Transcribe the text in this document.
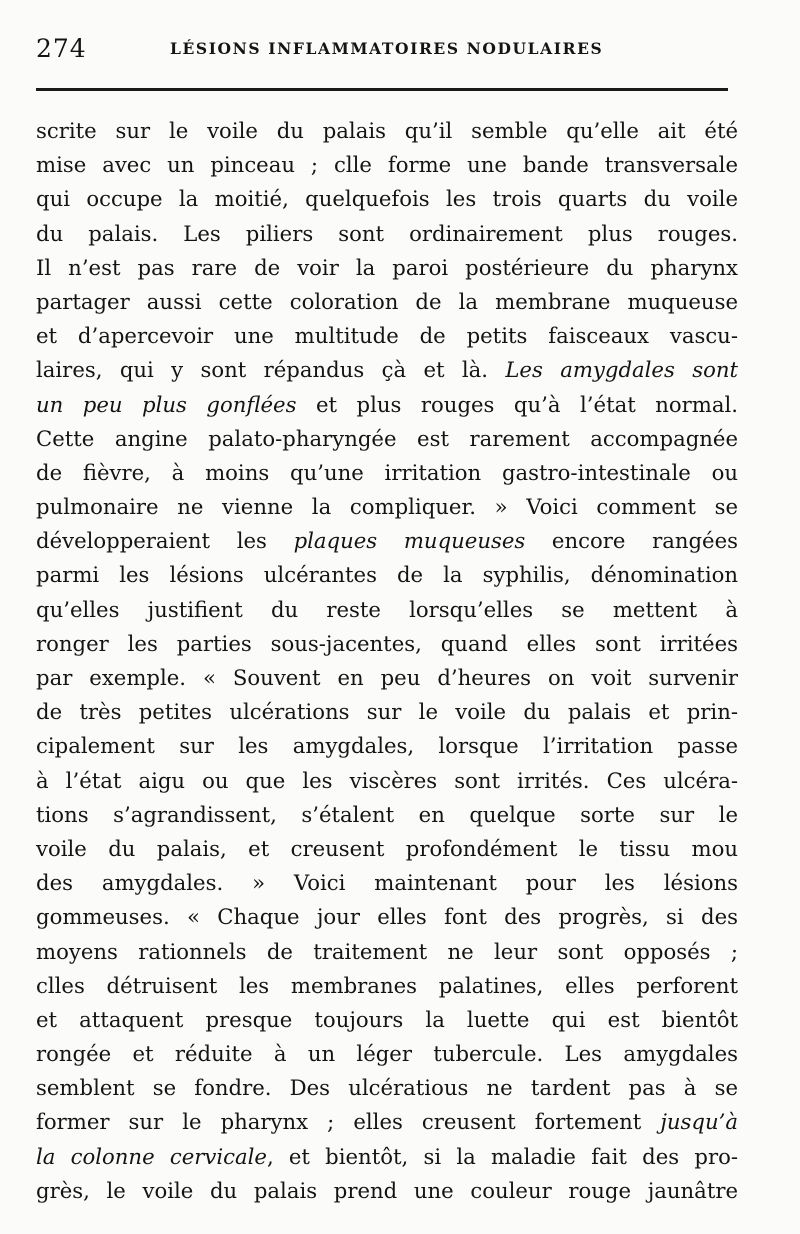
274	LÉSIONS INFLAMMATOIRES NODULAIRES
scrite sur le voile du palais qu’il semble qu’elle ait été
mise avec un pinceau ; clle forme une bande transversale
qui occupe la moitié, quelquefois les trois quarts du voile
du palais. Les piliers sont ordinairement plus rouges.
Il n’est pas rare de voir la paroi postérieure du pharynx
partager aussi cette coloration de la membrane muqueuse
et d’apercevoir une multitude de petits faisceaux vascu-
laires, qui y sont répandus çà et là. Les amygdales sont
un peu plus gonflées et plus rouges qu’à l’état normal.
Cette angine palato-pharyngée est rarement accompagnée
de fièvre, à moins qu’une irritation gastro-intestinale ou
pulmonaire ne vienne la compliquer. » Voici comment se
développeraient les plaques muqueuses encore rangées
parmi les lésions ulcérantes de la syphilis, dénomination
qu’elles justifient du reste lorsqu’elles se mettent à
ronger les parties sous-jacentes, quand elles sont irritées
par exemple. « Souvent en peu d’heures on voit survenir
de très petites ulcérations sur le voile du palais et prin-
cipalement sur les amygdales, lorsque l’irritation passe
à l’état aigu ou que les viscères sont irrités. Ces ulcéra-
tions s’agrandissent, s’étalent en quelque sorte sur le
voile du palais, et creusent profondément le tissu mou
des amygdales. » Voici maintenant pour les lésions
gommeuses. « Chaque jour elles font des progrès, si des
moyens rationnels de traitement ne leur sont opposés ;
clles détruisent les membranes palatines, elles perforent
et attaquent presque toujours la luette qui est bientôt
rongée et réduite à un léger tubercule. Les amygdales
semblent se fondre. Des ulcératious ne tardent pas à se
former sur le pharynx ; elles creusent fortement jusqu’à
la colonne cervicale, et bientôt, si la maladie fait des pro-
grès, le voile du palais prend une couleur rouge jaunâtre
